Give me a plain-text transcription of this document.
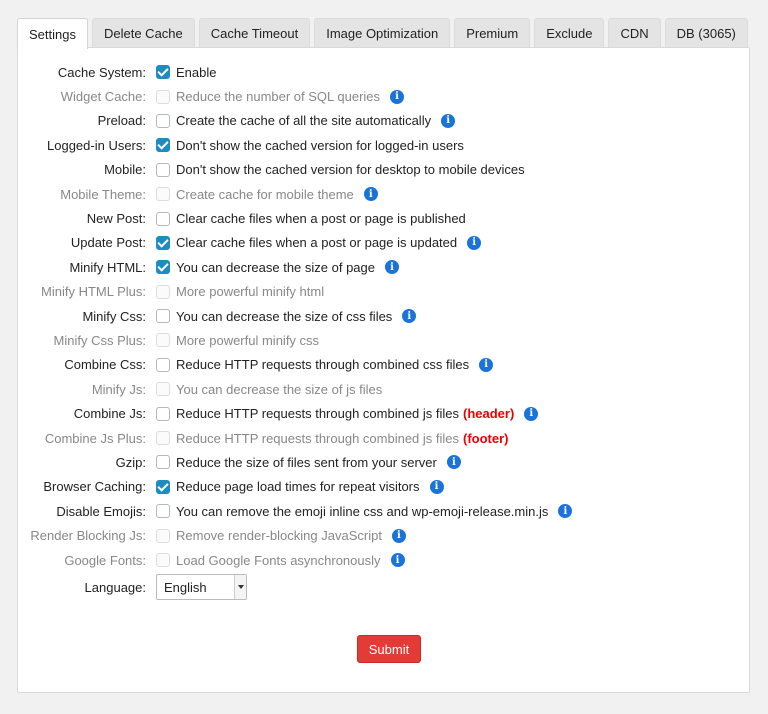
Settings	Delete Cache	Cache Timeout	Image Optimization	Premium	Exclude	CDN	DB (3065)
Cache System:	Enable
Widget Cache:	Reduce the number of SQL queries	i
Preload:	Create the cache of all the site automatically	i
Logged-in Users:	Don't show the cached version for logged-in users
Mobile:	Don't show the cached version for desktop to mobile devices
Mobile Theme:	Create cache for mobile theme	i
New Post:	Clear cache files when a post or page is published
Update Post:	Clear cache files when a post or page is updated	i
Minify HTML:	You can decrease the size of page	i
Minify HTML Plus:	More powerful minify html
Minify Css:	You can decrease the size of css files	i
Minify Css Plus:	More powerful minify css
Combine Css:	Reduce HTTP requests through combined css files	i
Minify Js:	You can decrease the size of js files
Combine Js:	Reduce HTTP requests through combined js files (header)	i
Combine Js Plus:	Reduce HTTP requests through combined js files (footer)
Gzip:	Reduce the size of files sent from your server	i
Browser Caching:	Reduce page load times for repeat visitors	i
Disable Emojis:	You can remove the emoji inline css and wp-emoji-release.min.js	i
Render Blocking Js:	Remove render-blocking JavaScript	i
Google Fonts:	Load Google Fonts asynchronously	i
Language:	English
Submit
